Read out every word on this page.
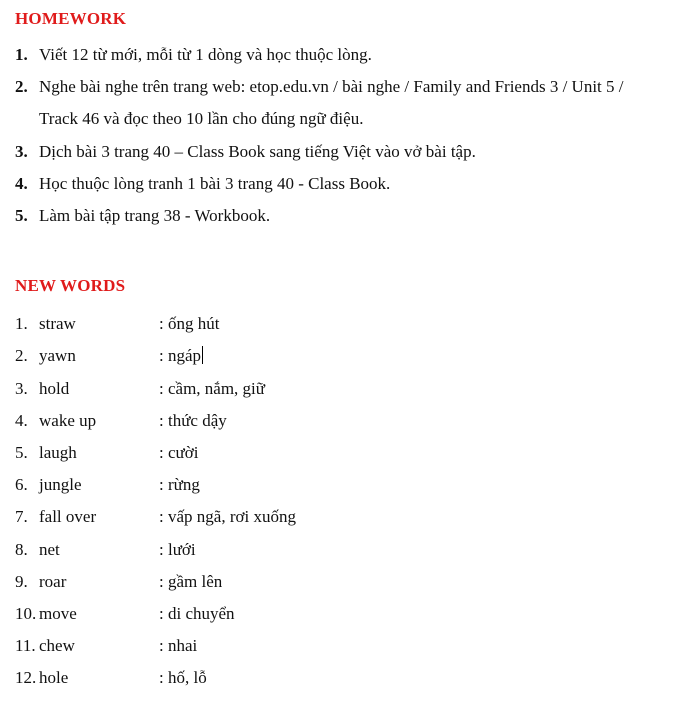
HOMEWORK
1. Viết 12 từ mới, mỗi từ 1 dòng và học thuộc lòng.
2. Nghe bài nghe trên trang web: etop.edu.vn / bài nghe / Family and Friends 3 / Unit 5 /
Track 46 và đọc theo 10 lần cho đúng ngữ điệu.
3. Dịch bài 3 trang 40 – Class Book sang tiếng Việt vào vở bài tập.
4. Học thuộc lòng tranh 1 bài 3 trang 40 - Class Book.
5. Làm bài tập trang 38 - Workbook.
NEW WORDS
1. straw	: ống hút
2. yawn	: ngáp
3. hold	: cầm, nắm, giữ
4. wake up	: thức dậy
5. laugh	: cười
6. jungle	: rừng
7. fall over	: vấp ngã, rơi xuống
8. net	: lưới
9. roar	: gầm lên
10. move	: di chuyển
11. chew	: nhai
12. hole	: hố, lỗ
